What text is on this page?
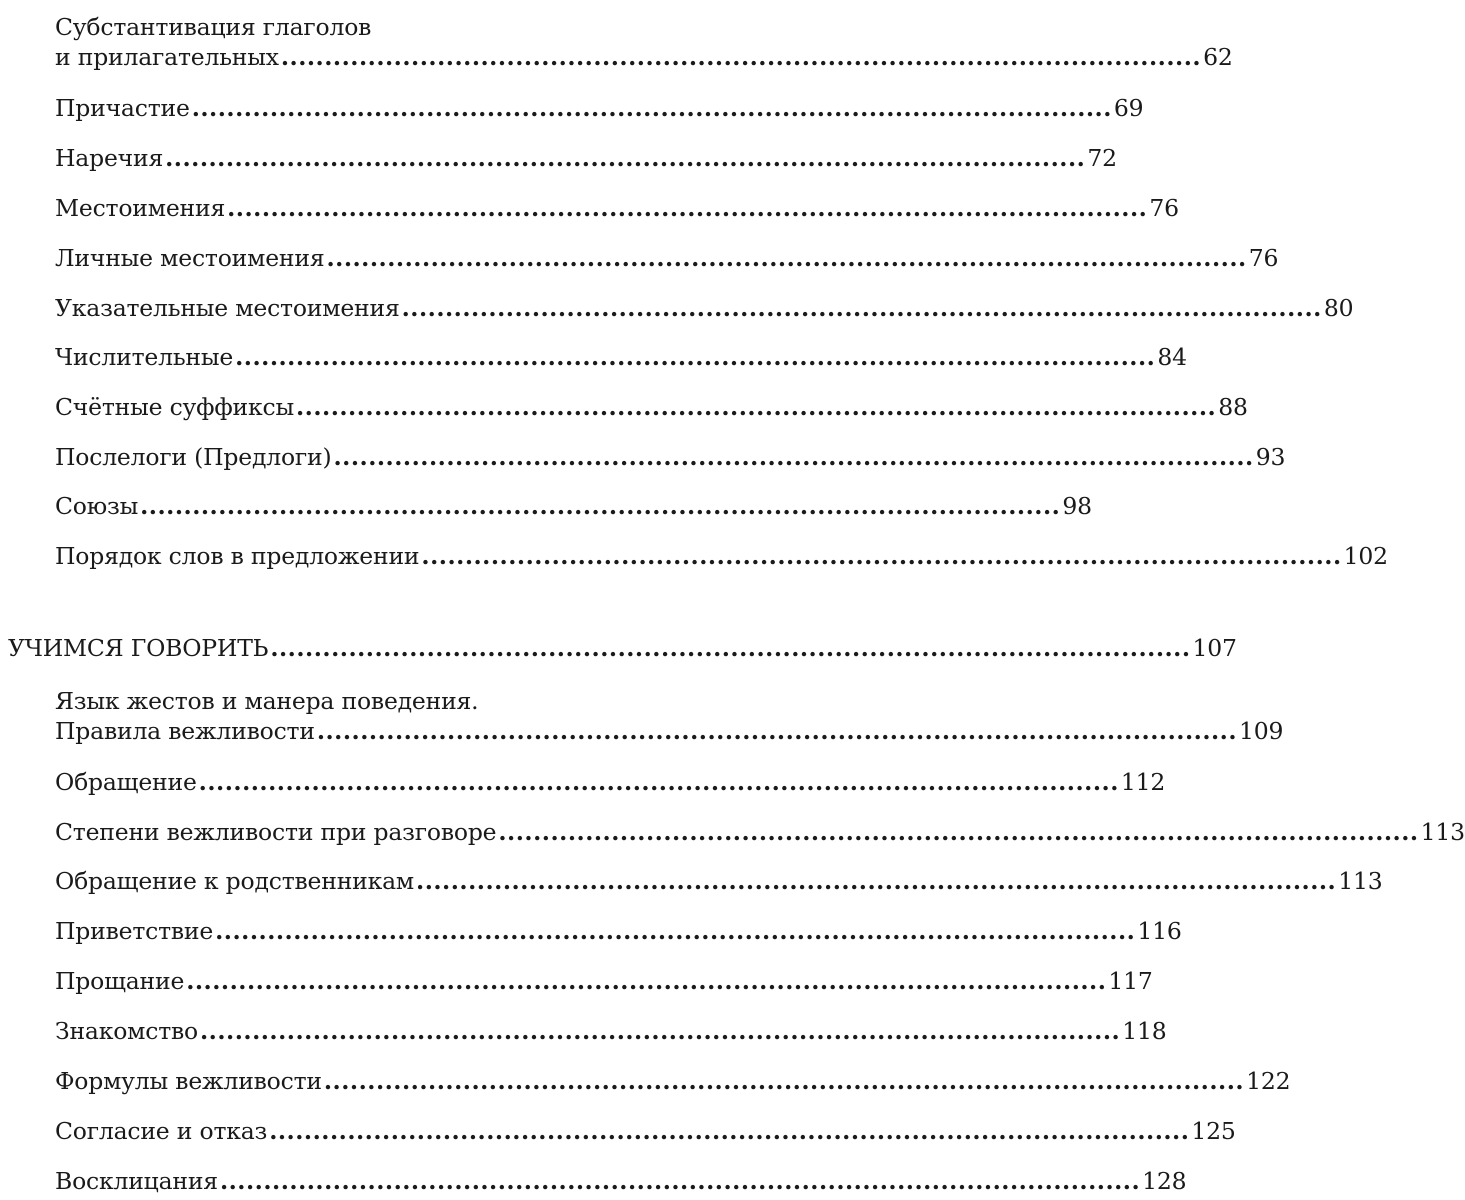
Субстантивация глаголов
и прилагательных .......................................................................................................... 62
Причастие .......................................................................................................... 69
Наречия .......................................................................................................... 72
Местоимения .......................................................................................................... 76
Личные местоимения .......................................................................................................... 76
Указательные местоимения .......................................................................................................... 80
Числительные .......................................................................................................... 84
Счётные суффиксы .......................................................................................................... 88
Послелоги (Предлоги) .......................................................................................................... 93
Союзы .......................................................................................................... 98
Порядок слов в предложении .......................................................................................................... 102
УЧИМСЯ ГОВОРИТЬ .......................................................................................................... 107
Язык жестов и манера поведения.
Правила вежливости .......................................................................................................... 109
Обращение .......................................................................................................... 112
Степени вежливости при разговоре .......................................................................................................... 113
Обращение к родственникам .......................................................................................................... 113
Приветствие .......................................................................................................... 116
Прощание .......................................................................................................... 117
Знакомство .......................................................................................................... 118
Формулы вежливости .......................................................................................................... 122
Согласие и отказ .......................................................................................................... 125
Восклицания .......................................................................................................... 128
